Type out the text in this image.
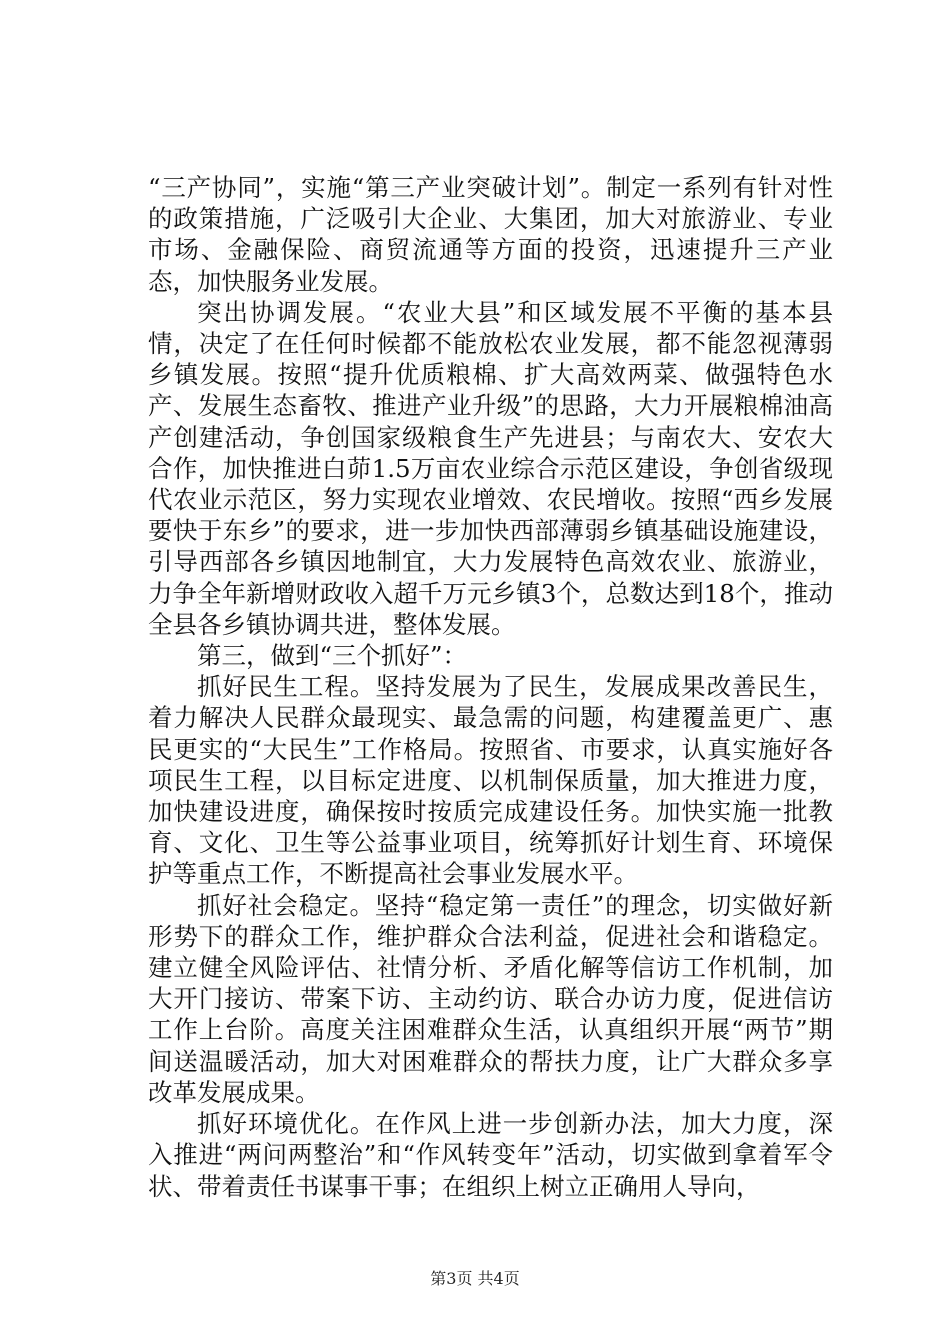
“三产协同”，实施“第三产业突破计划”。制定一系列有针对性的政策措施，广泛吸引大企业、大集团，加大对旅游业、专业市场、金融保险、商贸流通等方面的投资，迅速提升三产业态，加快服务业发展。

突出协调发展。“农业大县”和区域发展不平衡的基本县情，决定了在任何时候都不能放松农业发展，都不能忽视薄弱乡镇发展。按照“提升优质粮棉、扩大高效两菜、做强特色水产、发展生态畜牧、推进产业升级”的思路，大力开展粮棉油高产创建活动，争创国家级粮食生产先进县；与南农大、安农大合作，加快推进白茆1.5万亩农业综合示范区建设，争创省级现代农业示范区，努力实现农业增效、农民增收。按照“西乡发展要快于东乡”的要求，进一步加快西部薄弱乡镇基础设施建设，引导西部各乡镇因地制宜，大力发展特色高效农业、旅游业，力争全年新增财政收入超千万元乡镇3个，总数达到18个，推动全县各乡镇协调共进，整体发展。

第三，做到“三个抓好”：

抓好民生工程。坚持发展为了民生，发展成果改善民生，着力解决人民群众最现实、最急需的问题，构建覆盖更广、惠民更实的“大民生”工作格局。按照省、市要求，认真实施好各项民生工程，以目标定进度、以机制保质量，加大推进力度，加快建设进度，确保按时按质完成建设任务。加快实施一批教育、文化、卫生等公益事业项目，统筹抓好计划生育、环境保护等重点工作，不断提高社会事业发展水平。

抓好社会稳定。坚持“稳定第一责任”的理念，切实做好新形势下的群众工作，维护群众合法利益，促进社会和谐稳定。建立健全风险评估、社情分析、矛盾化解等信访工作机制，加大开门接访、带案下访、主动约访、联合办访力度，促进信访工作上台阶。高度关注困难群众生活，认真组织开展“两节”期间送温暖活动，加大对困难群众的帮扶力度，让广大群众多享改革发展成果。

抓好环境优化。在作风上进一步创新办法，加大力度，深入推进“两问两整治”和“作风转变年”活动，切实做到拿着军令状、带着责任书谋事干事；在组织上树立正确用人导向，

第3页 共4页
